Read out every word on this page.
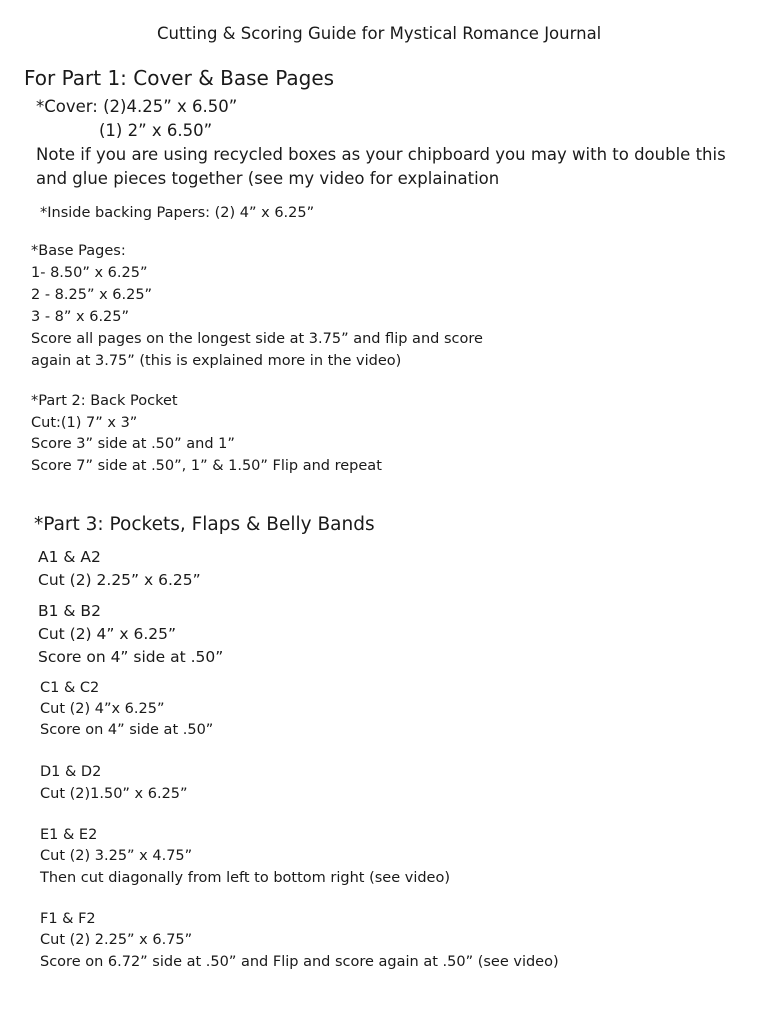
Cutting & Scoring Guide for Mystical Romance Journal
For Part 1: Cover & Base Pages
*Cover: (2)4.25” x 6.50”
(1) 2” x 6.50”
Note if you are using recycled boxes as your chipboard you may with to double this
and glue pieces together (see my video for explaination
*Inside backing Papers: (2) 4” x 6.25”
*Base Pages:
1- 8.50” x 6.25”
2 - 8.25” x 6.25”
3 - 8” x 6.25”
Score all pages on the longest side at 3.75” and flip and score
again at 3.75” (this is explained more in the video)
*Part 2: Back Pocket
Cut:(1) 7” x 3”
Score 3” side at .50” and 1”
Score 7” side at .50”, 1” & 1.50” Flip and repeat
*Part 3: Pockets, Flaps & Belly Bands
A1 & A2
Cut (2) 2.25” x 6.25”
B1 & B2
Cut (2) 4” x 6.25”
Score on 4” side at .50”
C1 & C2
Cut (2) 4”x 6.25”
Score on 4” side at .50”
D1 & D2
Cut (2)1.50” x 6.25”
E1 & E2
Cut (2) 3.25” x 4.75”
Then cut diagonally from left to bottom right (see video)
F1 & F2
Cut (2) 2.25” x 6.75”
Score on 6.72” side at .50” and Flip and score again at .50” (see video)
